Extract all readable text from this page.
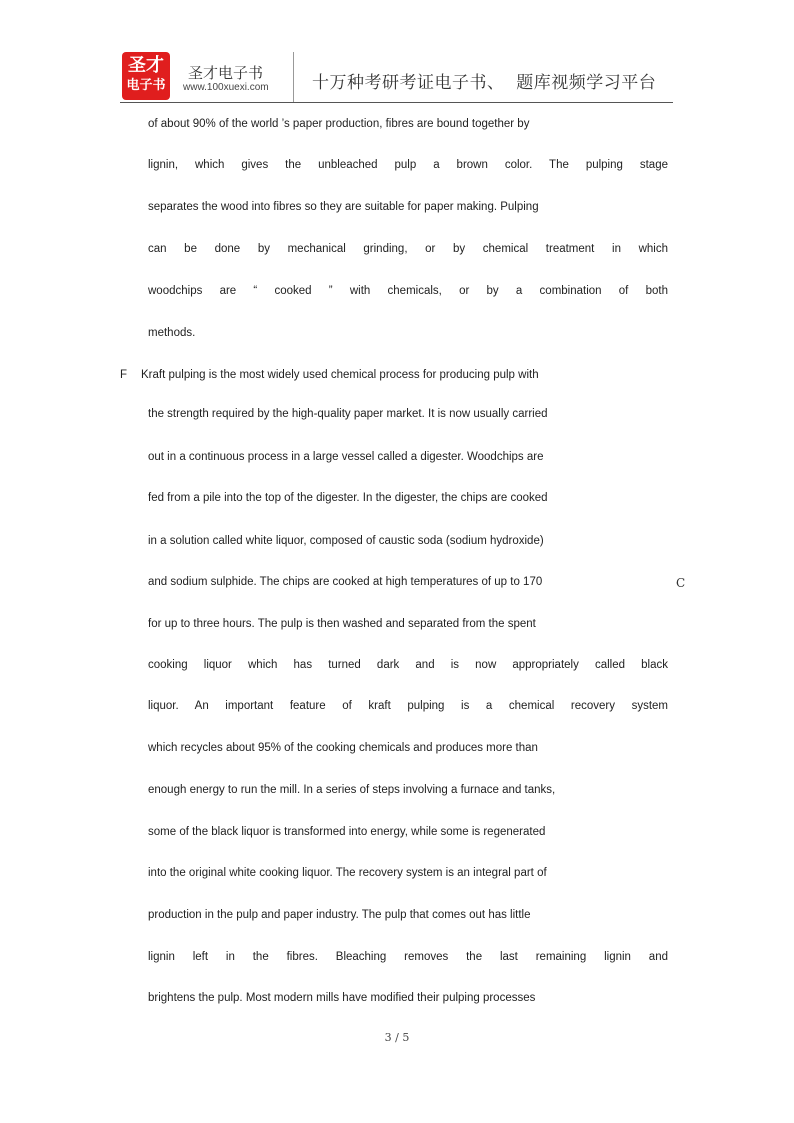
圣才
电子书
圣才电子书
www.100xuexi.com	十万种考研考证电子书、  题库视频学习平台
of about 90% of the world ’s paper production, fibres are bound together by
lignin, which gives the unbleached pulp a brown color. The pulping stage
separates the wood into fibres so they are suitable for paper making. Pulping
can be done by mechanical grinding, or by chemical treatment in which
woodchips are “ cooked ” with chemicals, or by a combination of both
methods.
F Kraft pulping is the most widely used chemical process for producing pulp with
the strength required by the high-quality paper market. It is now usually carried
out in a continuous process in a large vessel called a digester. Woodchips are
fed from a pile into the top of the digester. In the digester, the chips are cooked
in a solution called white liquor, composed of caustic soda (sodium hydroxide)
and sodium sulphide. The chips are cooked at high temperatures of up to 170	C
for up to three hours. The pulp is then washed and separated from the spent
cooking liquor which has turned dark and is now appropriately called black
liquor. An important feature of kraft pulping is a chemical recovery system
which recycles about 95% of the cooking chemicals and produces more than
enough energy to run the mill. In a series of steps involving a furnace and tanks,
some of the black liquor is transformed into energy, while some is regenerated
into the original white cooking liquor. The recovery system is an integral part of
production in the pulp and paper industry. The pulp that comes out has little
lignin left in the fibres. Bleaching removes the last remaining lignin and
brightens the pulp. Most modern mills have modified their pulping processes
3 / 5
